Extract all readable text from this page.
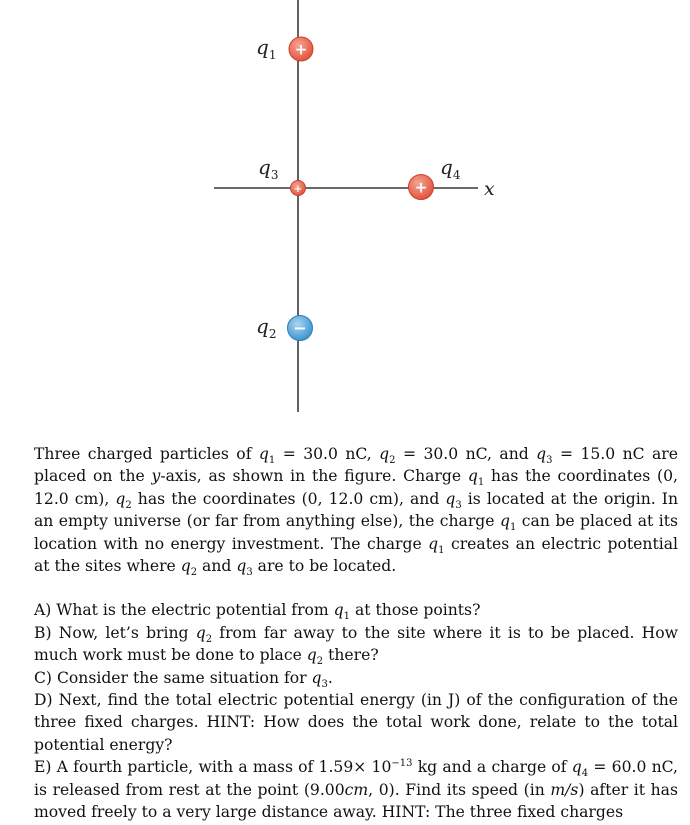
x
+
$q_1$
+
$q_3$
+
$q_4$
−
$q_2$

Three charged particles of $q_1 = 30.0$ nC, $q_2 = 30.0$ nC, and $q_3 = 15.0$ nC are placed on the y-axis, as shown in the figure. Charge $q_1$ has the coordinates (0, 12.0 cm), $q_2$ has the coordinates (0, 12.0 cm), and $q_3$ is located at the origin. In an empty universe (or far from anything else), the charge $q_1$ can be placed at its location with no energy investment. The charge $q_1$ creates an electric potential at the sites where $q_2$ and $q_3$ are to be located.

A) What is the electric potential from $q_1$ at those points?

B) Now, let’s bring $q_2$ from far away to the site where it is to be placed. How much work must be done to place $q_2$ there?

C) Consider the same situation for $q_3$.

D) Next, find the total electric potential energy (in J) of the configuration of the three fixed charges. HINT: How does the total work done, relate to the total potential energy?

E) A fourth particle, with a mass of $1.59\times 10^{-13}$ kg and a charge of $q_4 = 60.0$ nC, is released from rest at the point (9.00cm, 0). Find its speed (in m/s) after it has moved freely to a very large distance away. HINT: The three fixed charges
